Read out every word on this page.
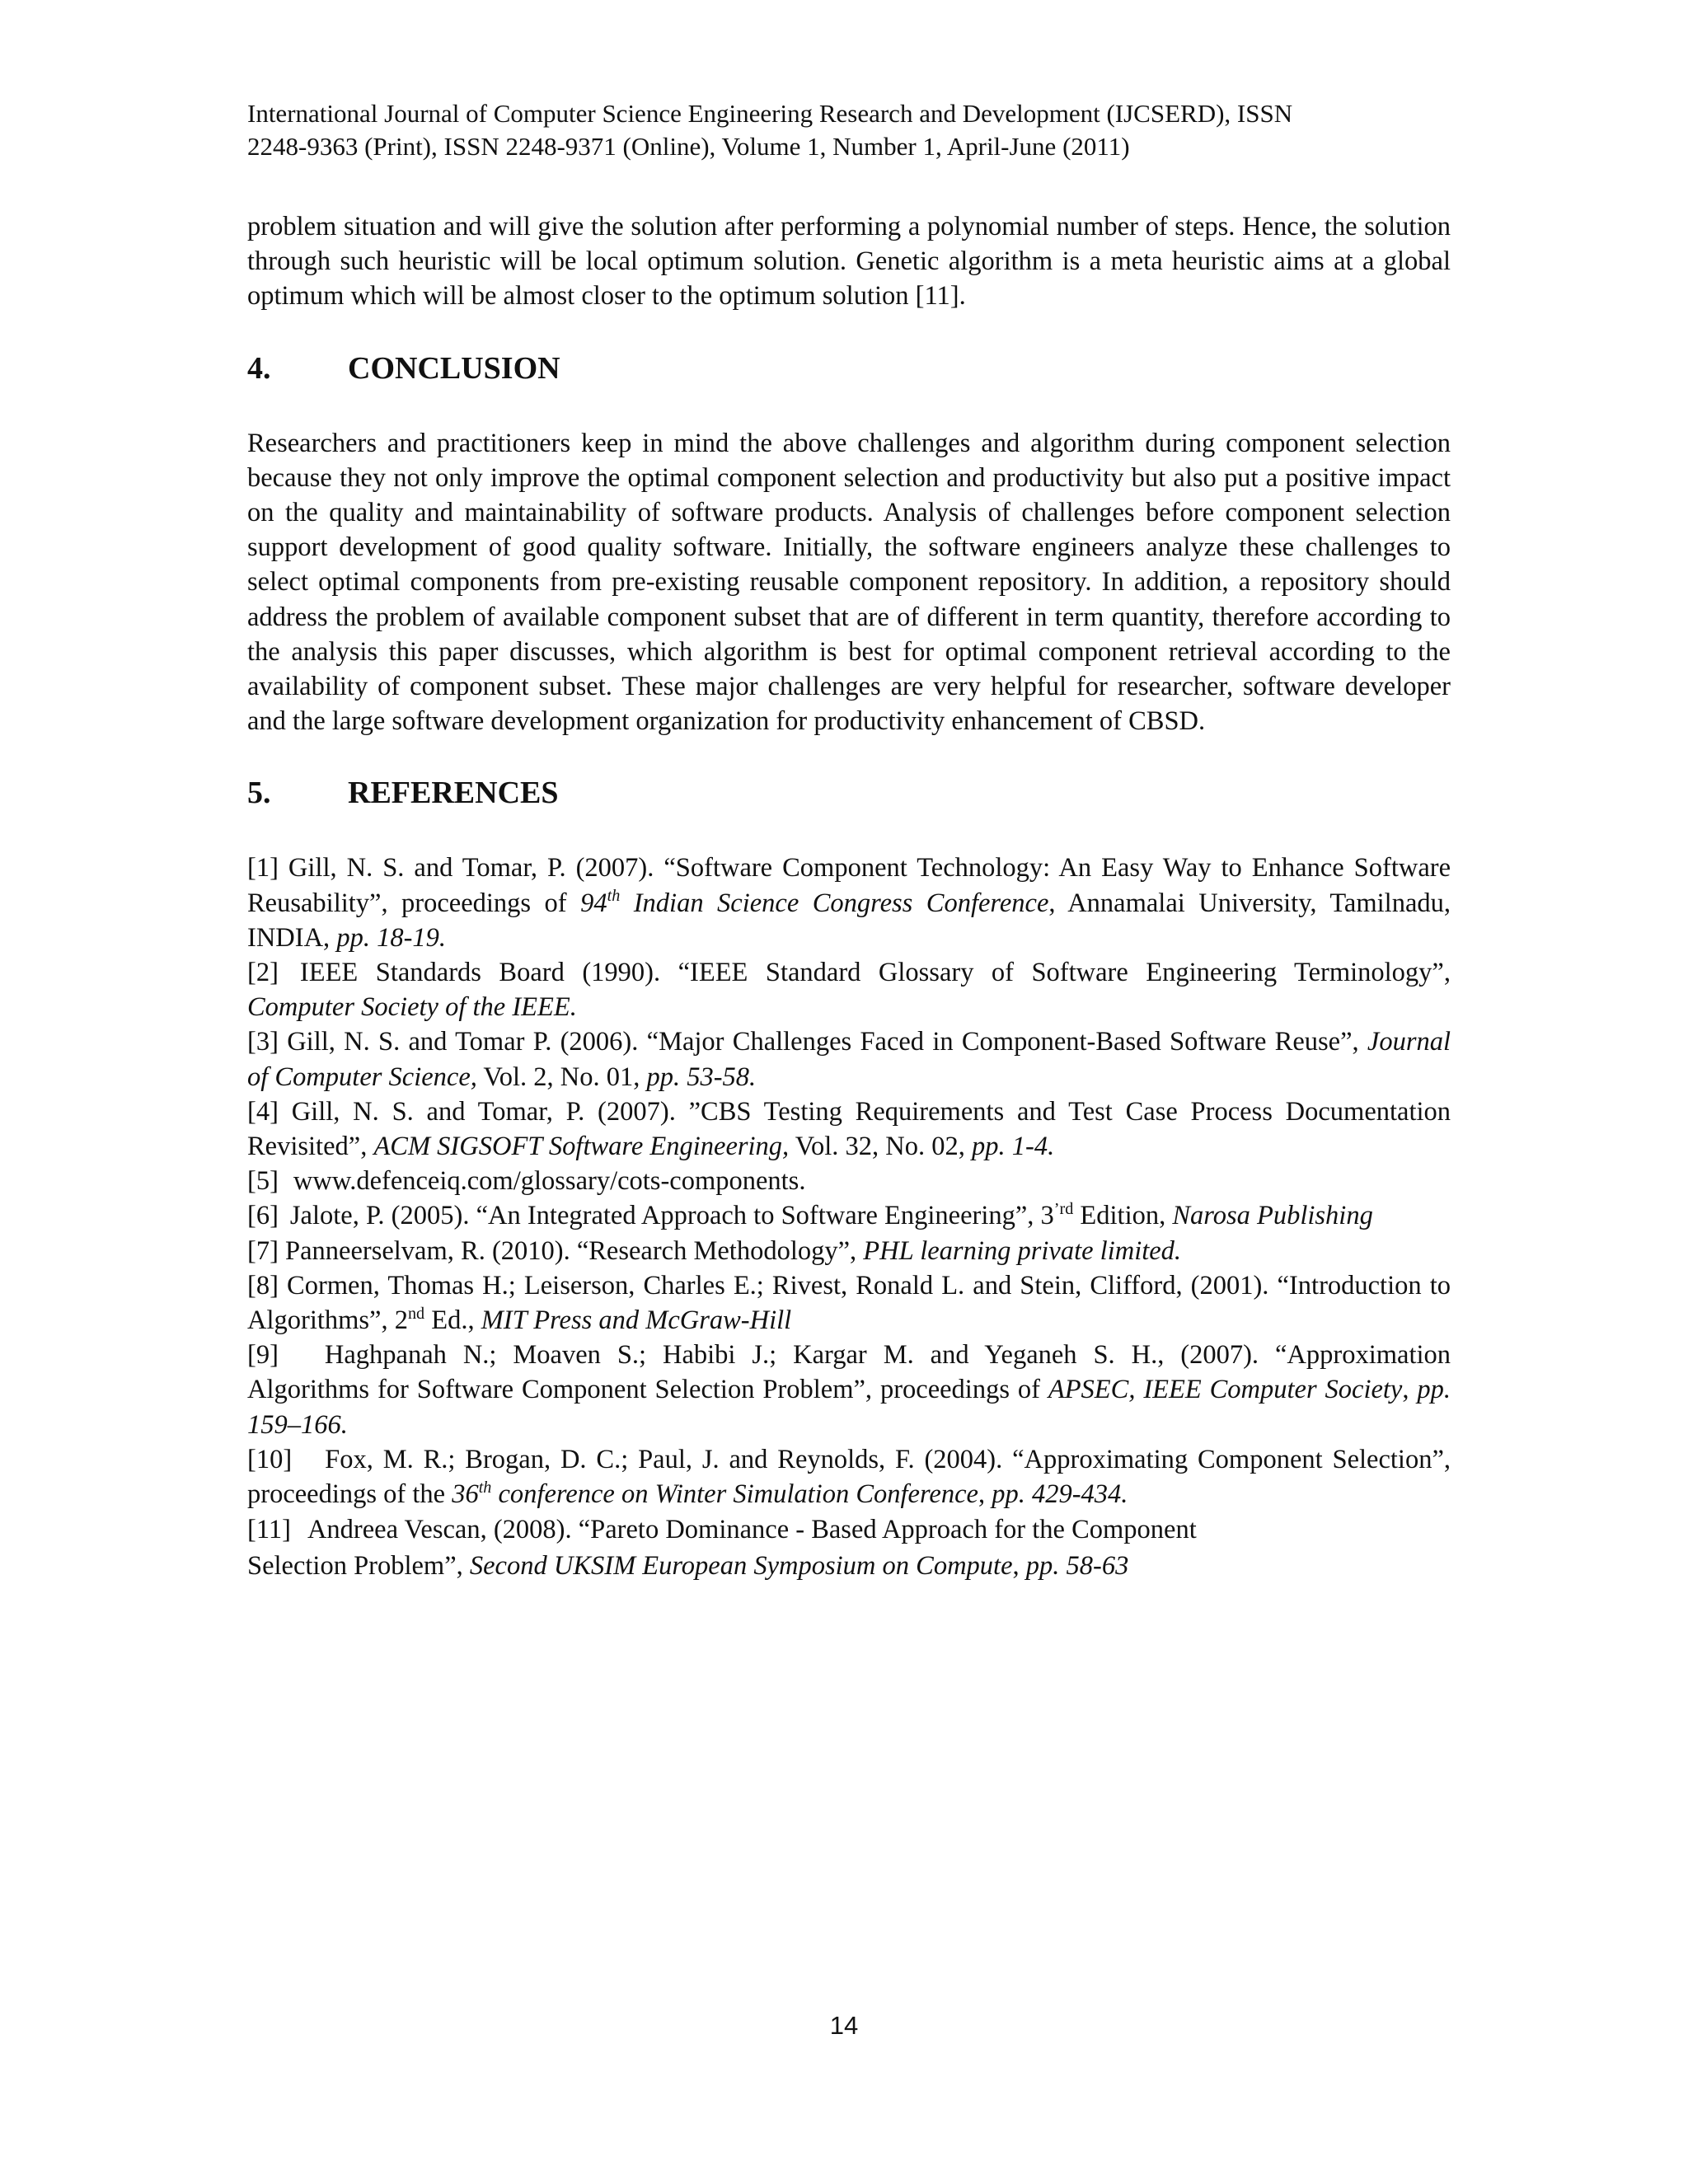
International Journal of Computer Science Engineering Research and Development (IJCSERD), ISSN
2248-9363 (Print), ISSN 2248-9371 (Online), Volume 1, Number 1, April-June (2011)

problem situation and will give the solution after performing a polynomial number of steps. Hence, the solution through such heuristic will be local optimum solution. Genetic algorithm is a meta heuristic aims at a global optimum which will be almost closer to the optimum solution [11].

4.	CONCLUSION

Researchers and practitioners keep in mind the above challenges and algorithm during component selection because they not only improve the optimal component selection and productivity but also put a positive impact on the quality and maintainability of software products. Analysis of challenges before component selection support development of good quality software. Initially, the software engineers analyze these challenges to select optimal components from pre-existing reusable component repository. In addition, a repository should address the problem of available component subset that are of different in term quantity, therefore according to the analysis this paper discusses, which algorithm is best for optimal component retrieval according to the availability of component subset. These major challenges are very helpful for researcher, software developer and the large software development organization for productivity enhancement of CBSD.

5.	REFERENCES

[1] Gill, N. S. and Tomar, P. (2007). “Software Component Technology: An Easy Way to Enhance Software Reusability”, proceedings of 94th Indian Science Congress Conference, Annamalai University, Tamilnadu, INDIA, pp. 18-19.

[2] IEEE Standards Board (1990). “IEEE Standard Glossary of Software Engineering Terminology”, Computer Society of the IEEE.

[3] Gill, N. S. and Tomar P. (2006). “Major Challenges Faced in Component-Based Software Reuse”, Journal of Computer Science, Vol. 2, No. 01, pp. 53-58.

[4] Gill, N. S. and Tomar, P. (2007). ”CBS Testing Requirements and Test Case Process Documentation Revisited”, ACM SIGSOFT Software Engineering, Vol. 32, No. 02, pp. 1-4.

[5] www.defenceiq.com/glossary/cots-components.

[6] Jalote, P. (2005). “An Integrated Approach to Software Engineering”, $3^{’rd}$ Edition, Narosa Publishing

[7] Panneerselvam, R. (2010). “Research Methodology”, PHL learning private limited.

[8] Cormen, Thomas H.; Leiserson, Charles E.; Rivest, Ronald L. and Stein, Clifford, (2001). “Introduction to Algorithms”, 2nd Ed., MIT Press and McGraw-Hill

[9] Haghpanah N.; Moaven S.; Habibi J.; Kargar M. and Yeganeh S. H., (2007). “Approximation Algorithms for Software Component Selection Problem”, proceedings of APSEC, IEEE Computer Society, pp. 159–166.

[10] Fox, M. R.; Brogan, D. C.; Paul, J. and Reynolds, F. (2004). “Approximating Component Selection”, proceedings of the 36th conference on Winter Simulation Conference, pp. 429-434.

[11] Andreea Vescan, (2008). “Pareto Dominance - Based Approach for the Component
Selection Problem”, Second UKSIM European Symposium on Compute, pp. 58-63

14
